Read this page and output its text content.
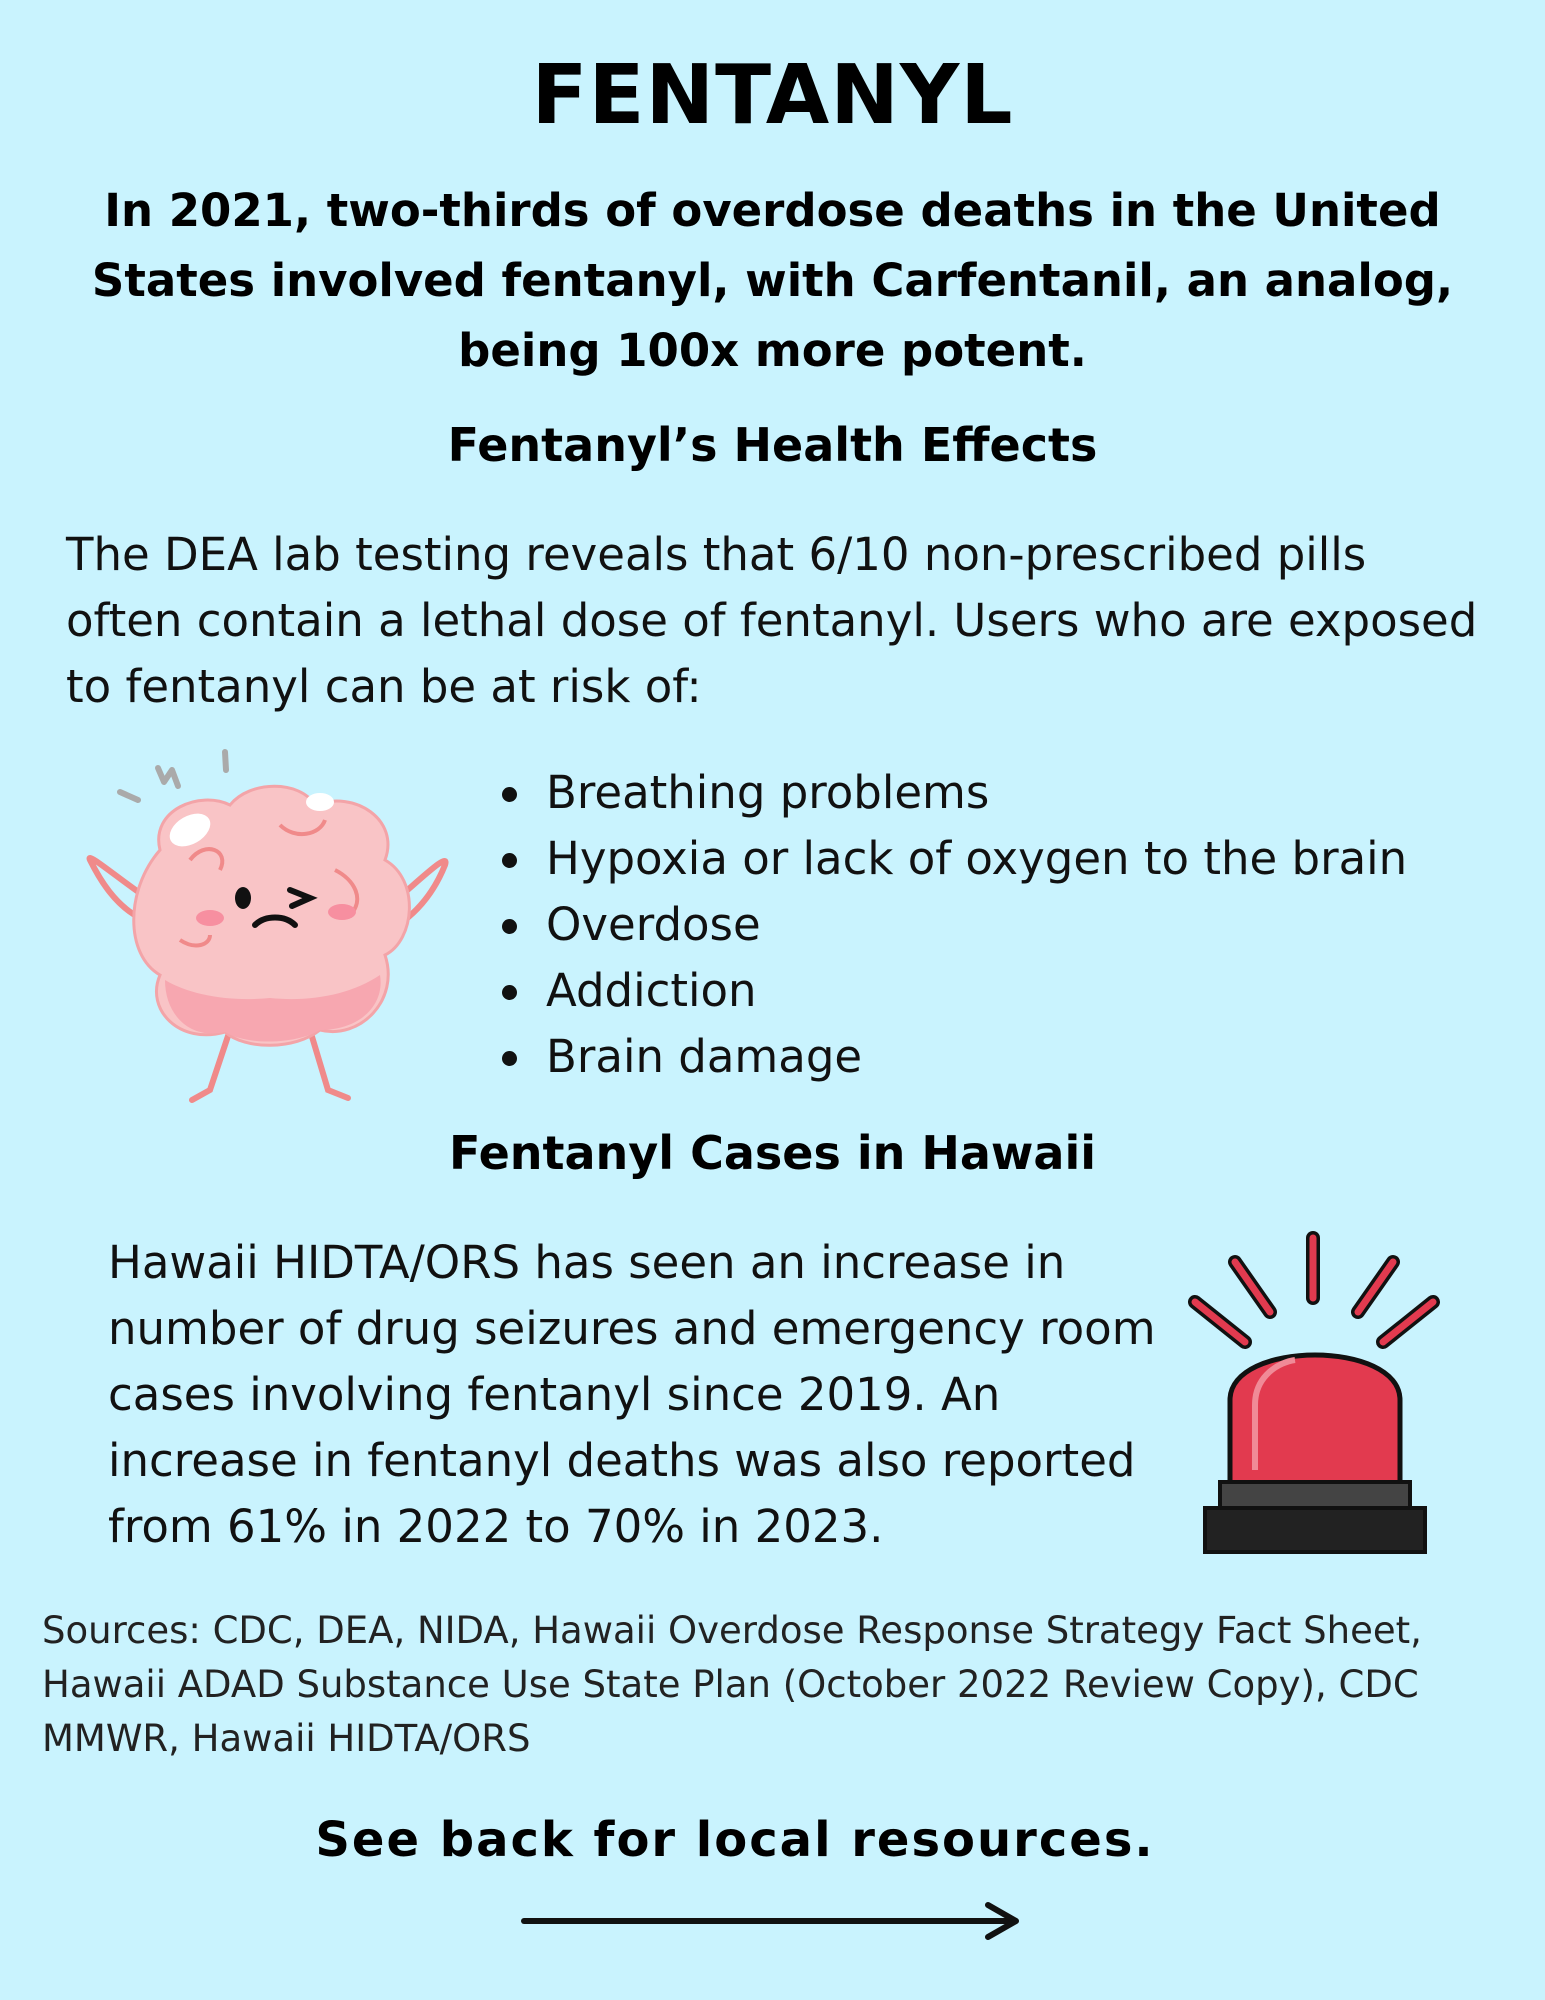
FENTANYL
In 2021, two-thirds of overdose deaths in the United States involved fentanyl, with Carfentanil, an analog, being 100x more potent.
Fentanyl’s Health Effects
The DEA lab testing reveals that 6/10 non-prescribed pills often contain a lethal dose of fentanyl. Users who are exposed to fentanyl can be at risk of:
Breathing problems
Hypoxia or lack of oxygen to the brain
Overdose
Addiction
Brain damage
Fentanyl Cases in Hawaii
Hawaii HIDTA/ORS has seen an increase in number of drug seizures and emergency room cases involving fentanyl since 2019. An increase in fentanyl deaths was also reported from 61% in 2022 to 70% in 2023.
Sources: CDC, DEA, NIDA, Hawaii Overdose Response Strategy Fact Sheet, Hawaii ADAD Substance Use State Plan (October 2022 Review Copy), CDC MMWR, Hawaii HIDTA/ORS
See back for local resources.
